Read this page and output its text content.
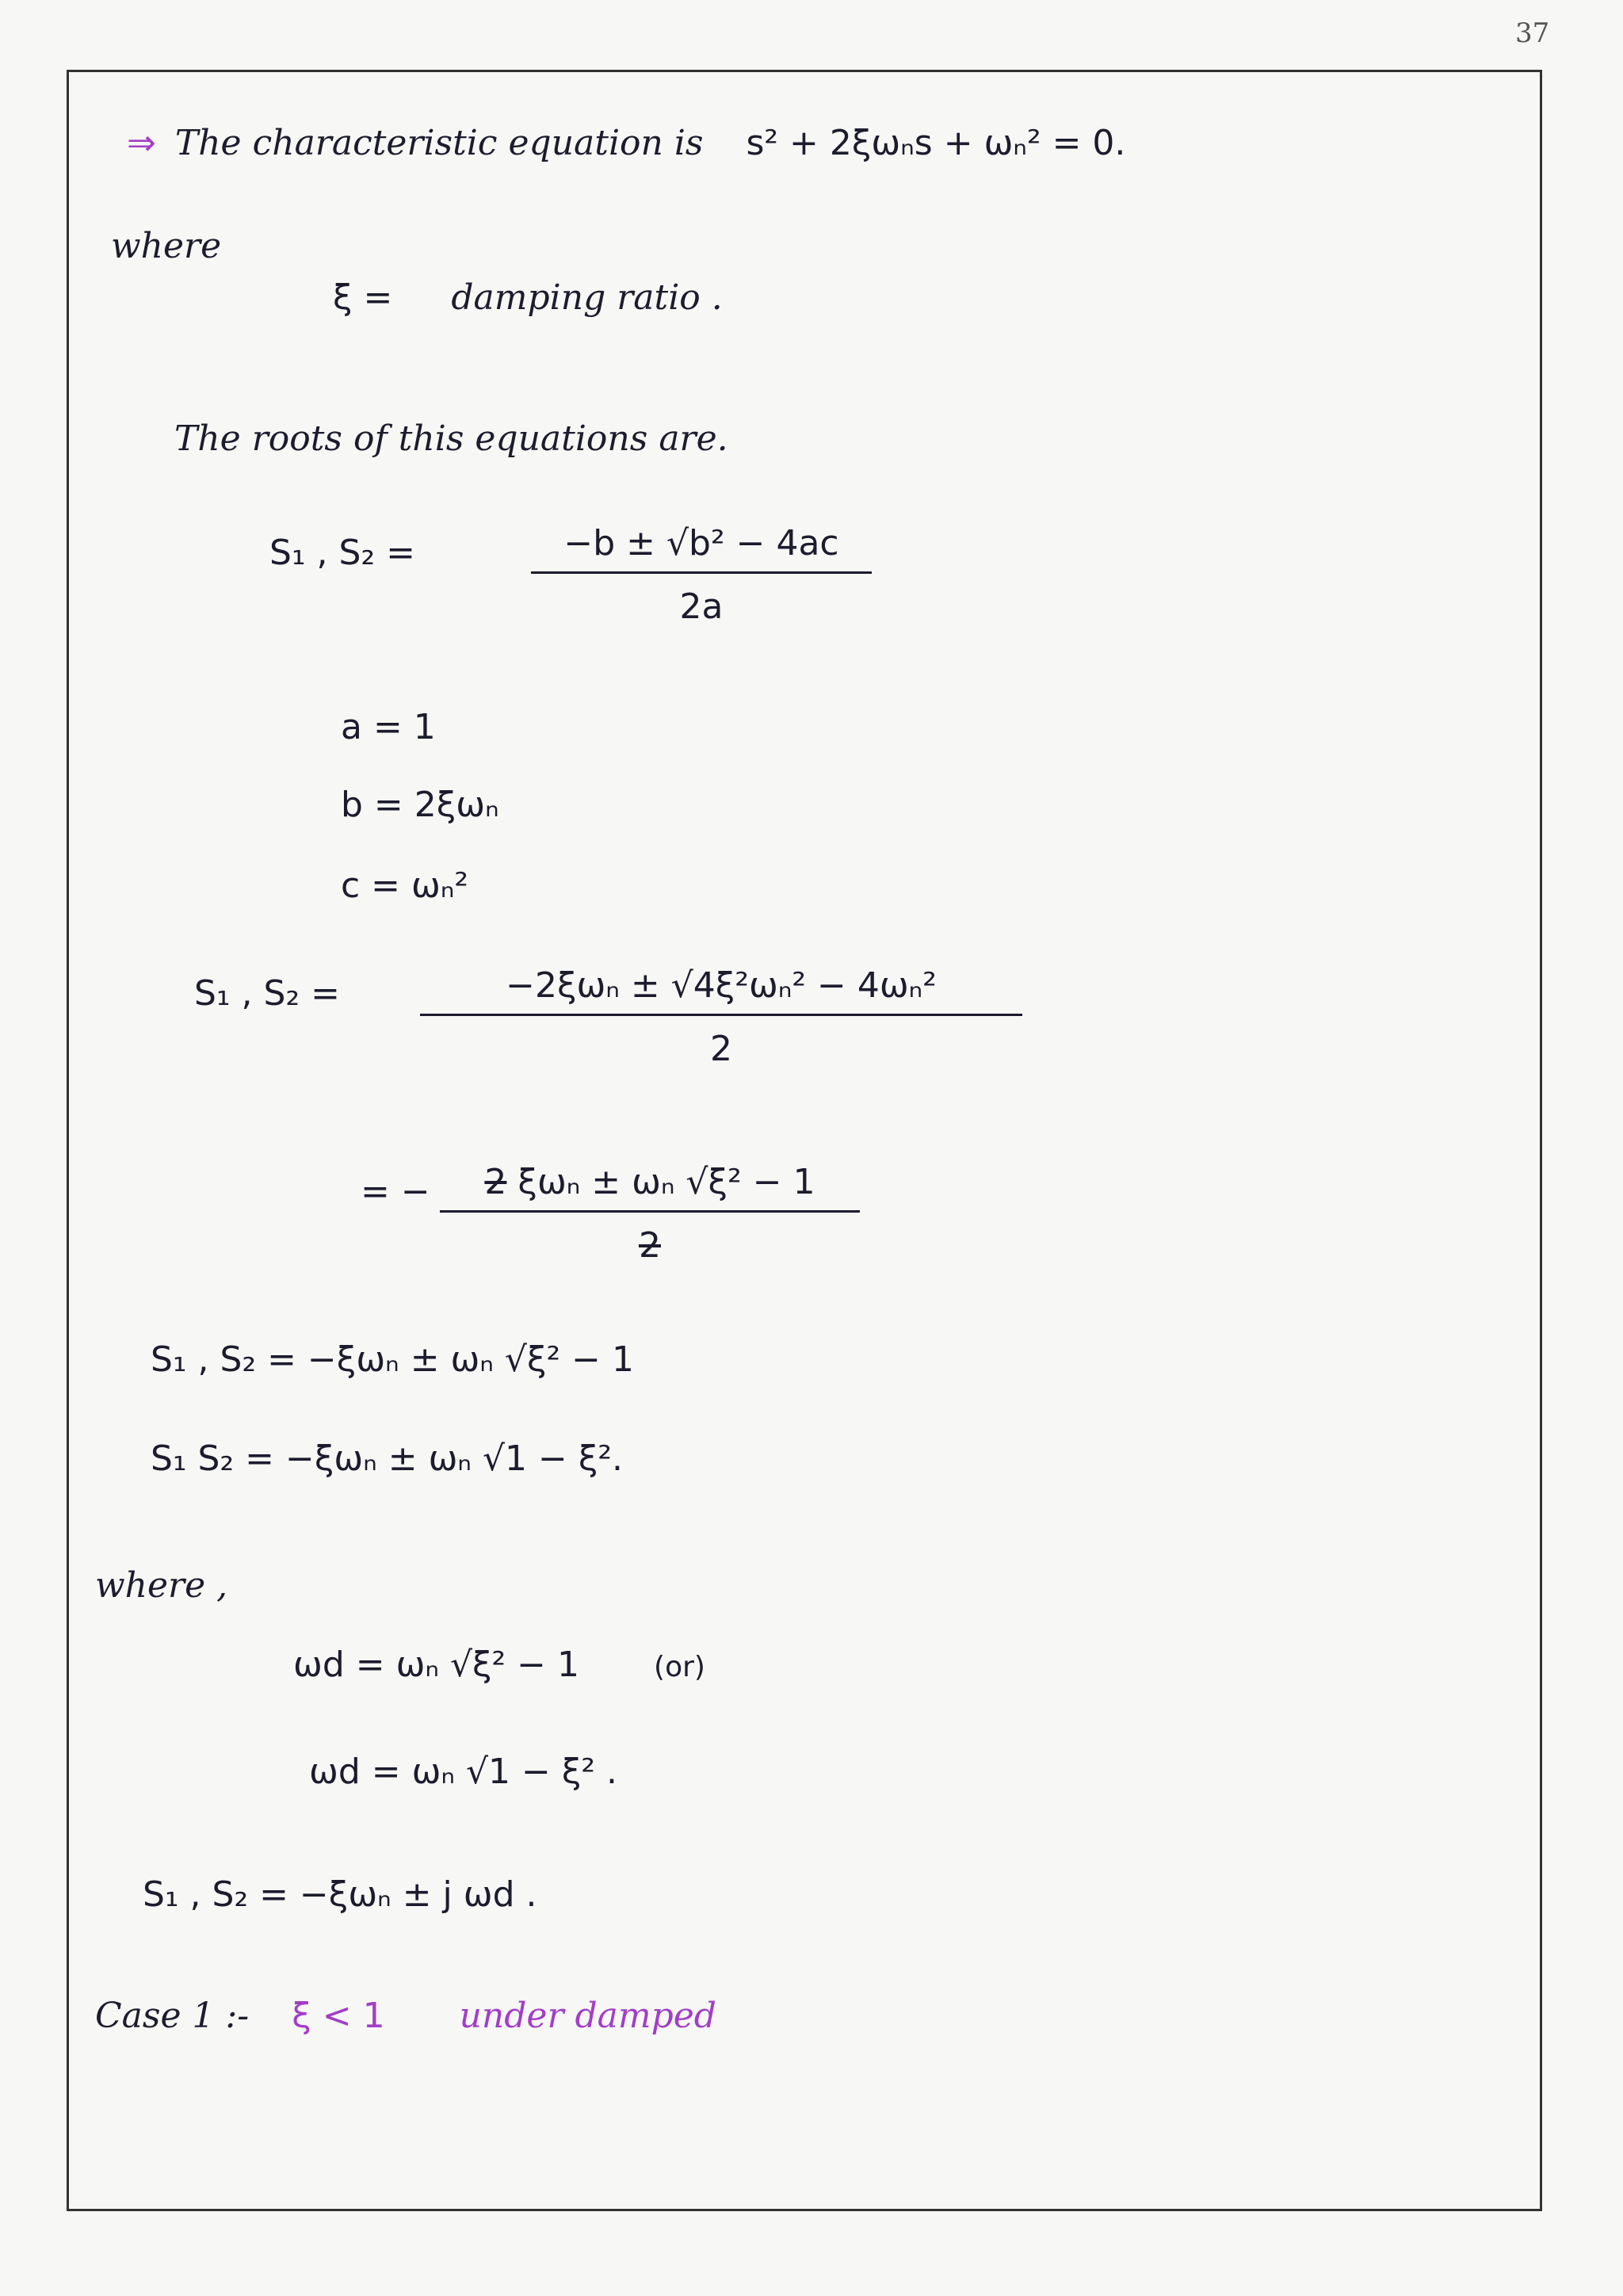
37
⇒ The characteristic equation is s² + 2ξωₙs + ωₙ² = 0.
where
ξ = damping ratio .
The roots of this equations are.
S₁ , S₂ =	$\frac{\text{−b ± √b² − 4ac}}{2a}$
a = 1
b = 2ξωₙ
c = ωₙ²
S₁ , S₂ =	−2ξωₙ ± √4ξ²ωₙ² − 4ωₙ²
2
= −	2 ξωₙ ± ωₙ √ξ² − 1
2
S₁ , S₂ = −ξωₙ ± ωₙ √ξ² − 1
S₁ S₂ = −ξωₙ ± ωₙ √1 − ξ².
where ,
ωd = ωₙ √ξ² − 1	(or)
ωd = ωₙ √1 − ξ² .
S₁ , S₂ = −ξωₙ ± j ωd .
Case 1 :- ξ < 1 under damped
